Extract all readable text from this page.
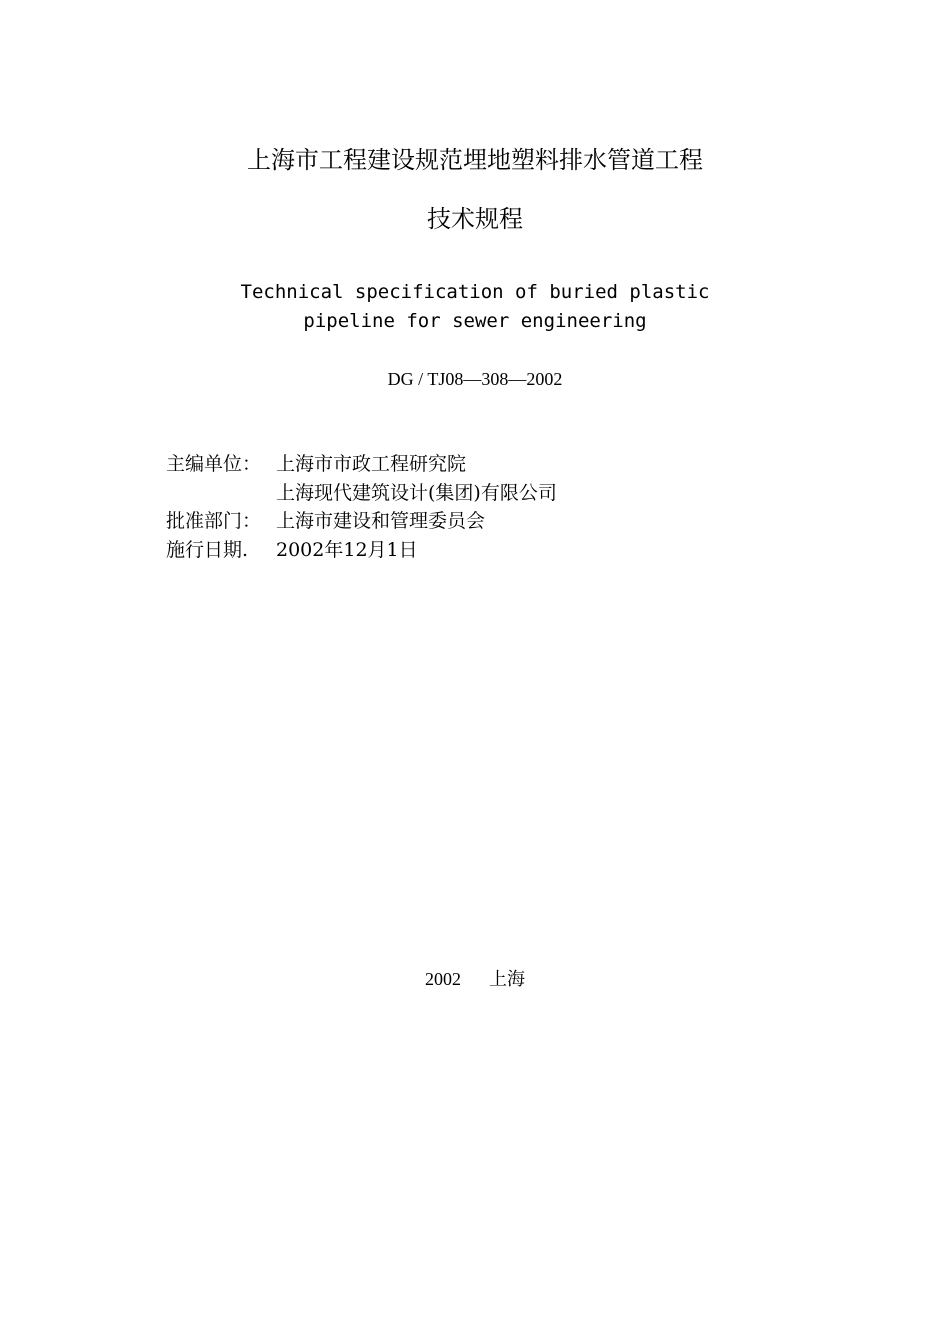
上海市工程建设规范埋地塑料排水管道工程
技术规程
Technical specification of buried plastic
pipeline for sewer engineering
DG / TJ08—308—2002
主编单位： 上海市市政工程研究院
上海现代建筑设计(集团)有限公司
批准部门： 上海市建设和管理委员会
施行日期.	2002年12月1日
2002 上海
